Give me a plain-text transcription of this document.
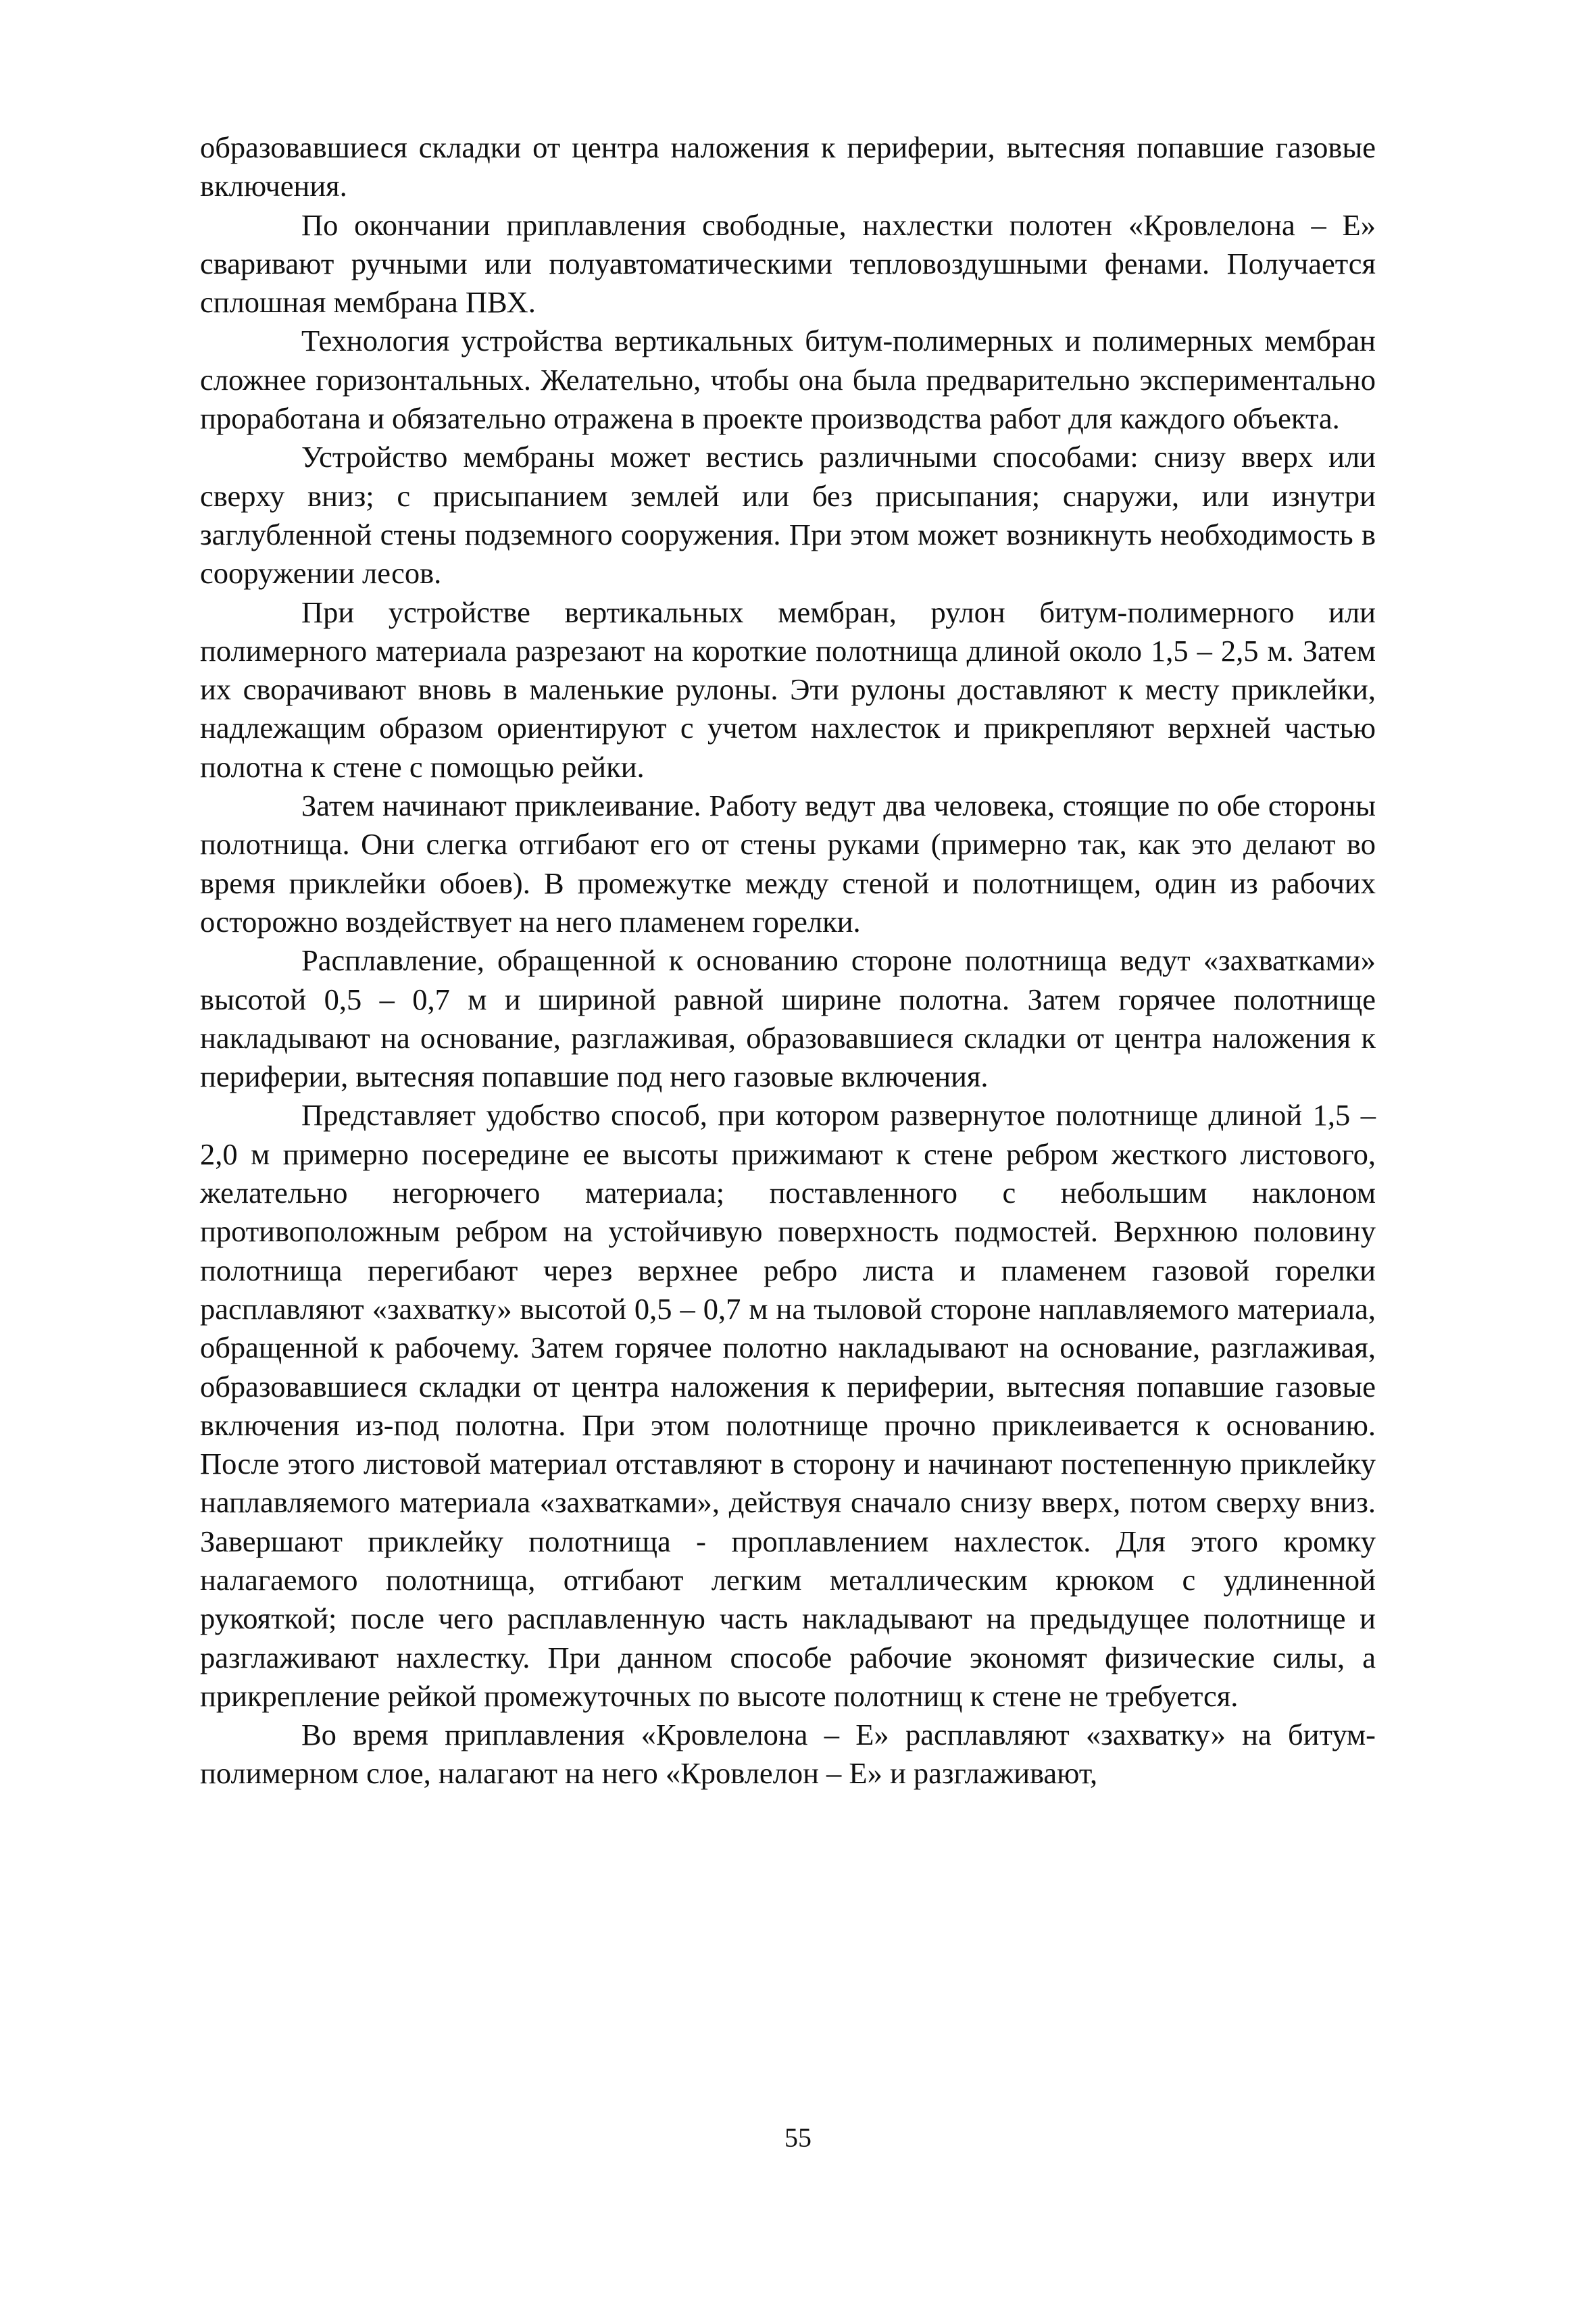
образовавшиеся складки от центра наложения к периферии, вытесняя попавшие газовые включения.

По окончании приплавления свободные, нахлестки полотен «Кровлелона – Е» сваривают ручными или полуавтоматическими тепловоздушными фенами. Получается сплошная мембрана ПВХ.

Технология устройства вертикальных битум-полимерных и полимерных мембран сложнее горизонтальных. Желательно, чтобы она была предварительно экспериментально проработана и обязательно отражена в проекте производства работ для каждого объекта.

Устройство мембраны может вестись различными способами: снизу вверх или сверху вниз; с присыпанием землей или без присыпания; снаружи, или изнутри заглубленной стены подземного сооружения. При этом может возникнуть необходимость в сооружении лесов.

При устройстве вертикальных мембран, рулон битум-полимерного или полимерного материала разрезают на короткие полотнища длиной около 1,5 – 2,5 м. Затем их сворачивают вновь в маленькие рулоны. Эти рулоны доставляют к месту приклейки, надлежащим образом ориентируют с учетом нахлесток и прикрепляют верхней частью полотна к стене с помощью рейки.

Затем начинают приклеивание. Работу ведут два человека, стоящие по обе стороны полотнища. Они слегка отгибают его от стены руками (примерно так, как это делают во время приклейки обоев). В промежутке между стеной и полотнищем, один из рабочих осторожно воздействует на него пламенем горелки.

Расплавление, обращенной к основанию стороне полотнища ведут «захватками» высотой 0,5 – 0,7 м и шириной равной ширине полотна. Затем горячее полотнище накладывают на основание, разглаживая, образовавшиеся складки от центра наложения к периферии, вытесняя попавшие под него газовые включения.

Представляет удобство способ, при котором развернутое полотнище длиной 1,5 – 2,0 м примерно посередине ее высоты прижимают к стене ребром жесткого листового, желательно негорючего материала; поставленного с небольшим наклоном противоположным ребром на устойчивую поверхность подмостей. Верхнюю половину полотнища перегибают через верхнее ребро листа и пламенем газовой горелки расплавляют «захватку» высотой 0,5 – 0,7 м на тыловой стороне наплавляемого материала, обращенной к рабочему. Затем горячее полотно накладывают на основание, разглаживая, образовавшиеся складки от центра наложения к периферии, вытесняя попавшие газовые включения из-под полотна. При этом полотнище прочно приклеивается к основанию. После этого листовой материал отставляют в сторону и начинают постепенную приклейку наплавляемого материала «захватками», действуя сначало снизу вверх, потом сверху вниз. Завершают приклейку полотнища - проплавлением нахлесток. Для этого кромку налагаемого полотнища, отгибают легким металлическим крюком с удлиненной рукояткой; после чего расплавленную часть накладывают на предыдущее полотнище и разглаживают нахлестку. При данном способе рабочие экономят физические силы, а прикрепление рейкой промежуточных по высоте полотнищ к стене не требуется.

Во время приплавления «Кровлелона – Е» расплавляют «захватку» на битум-полимерном слое, налагают на него «Кровлелон – Е» и разглаживают,

55
